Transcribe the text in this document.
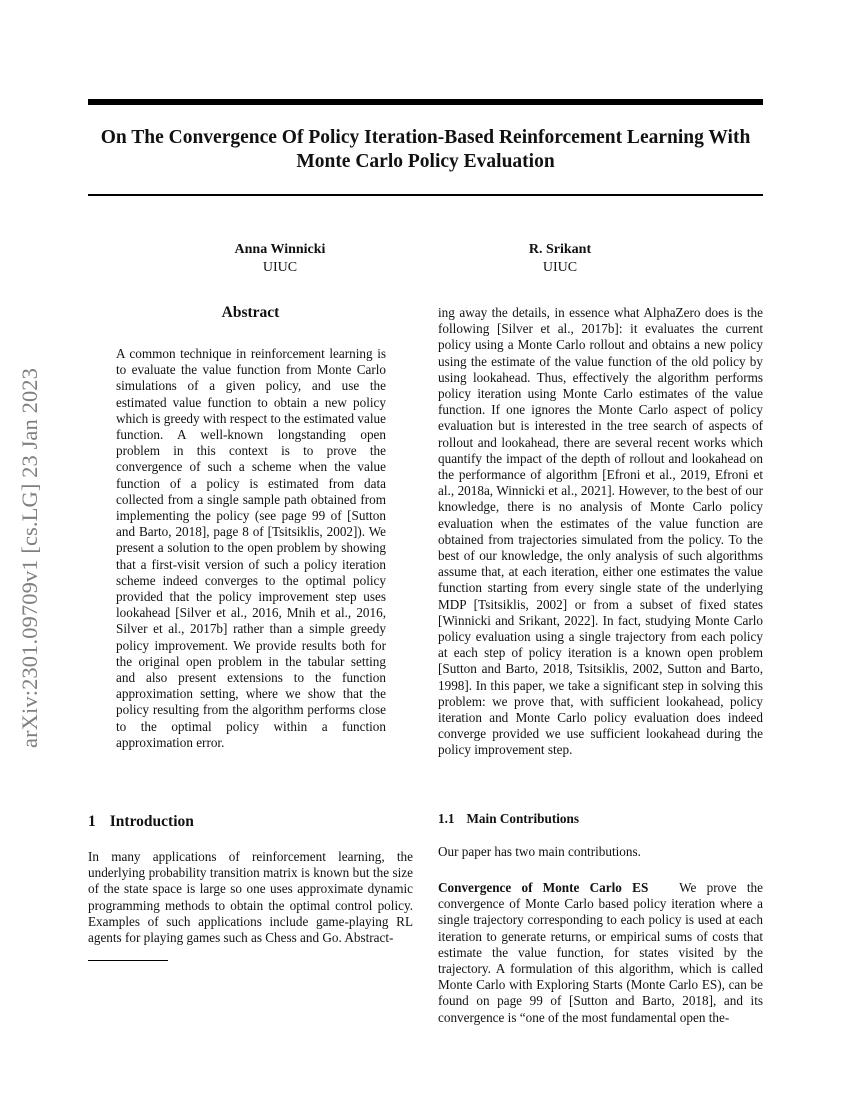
On The Convergence Of Policy Iteration-Based Reinforcement Learning With Monte Carlo Policy Evaluation
Anna Winnicki
UIUC
R. Srikant
UIUC
arXiv:2301.09709v1 [cs.LG] 23 Jan 2023
Abstract
A common technique in reinforcement learning is to evaluate the value function from Monte Carlo simulations of a given policy, and use the estimated value function to obtain a new policy which is greedy with respect to the estimated value function. A well-known longstanding open problem in this context is to prove the convergence of such a scheme when the value function of a policy is estimated from data collected from a single sample path obtained from implementing the policy (see page 99 of [Sutton and Barto, 2018], page 8 of [Tsitsiklis, 2002]). We present a solution to the open problem by showing that a first-visit version of such a policy iteration scheme indeed converges to the optimal policy provided that the policy improvement step uses lookahead [Silver et al., 2016, Mnih et al., 2016, Silver et al., 2017b] rather than a simple greedy policy improvement. We provide results both for the original open problem in the tabular setting and also present extensions to the function approximation setting, where we show that the policy resulting from the algorithm performs close to the optimal policy within a function approximation error.
1 Introduction
In many applications of reinforcement learning, the underlying probability transition matrix is known but the size of the state space is large so one uses approximate dynamic programming methods to obtain the optimal control policy. Examples of such applications include game-playing RL agents for playing games such as Chess and Go. Abstract-
ing away the details, in essence what AlphaZero does is the following [Silver et al., 2017b]: it evaluates the current policy using a Monte Carlo rollout and obtains a new policy using the estimate of the value function of the old policy by using lookahead. Thus, effectively the algorithm performs policy iteration using Monte Carlo estimates of the value function. If one ignores the Monte Carlo aspect of policy evaluation but is interested in the tree search of aspects of rollout and lookahead, there are several recent works which quantify the impact of the depth of rollout and lookahead on the performance of algorithm [Efroni et al., 2019, Efroni et al., 2018a, Winnicki et al., 2021]. However, to the best of our knowledge, there is no analysis of Monte Carlo policy evaluation when the estimates of the value function are obtained from trajectories simulated from the policy. To the best of our knowledge, the only analysis of such algorithms assume that, at each iteration, either one estimates the value function starting from every single state of the underlying MDP [Tsitsiklis, 2002] or from a subset of fixed states [Winnicki and Srikant, 2022]. In fact, studying Monte Carlo policy evaluation using a single trajectory from each policy at each step of policy iteration is a known open problem [Sutton and Barto, 2018, Tsitsiklis, 2002, Sutton and Barto, 1998]. In this paper, we take a significant step in solving this problem: we prove that, with sufficient lookahead, policy iteration and Monte Carlo policy evaluation does indeed converge provided we use sufficient lookahead during the policy improvement step.
1.1 Main Contributions
Our paper has two main contributions.
Convergence of Monte Carlo ES We prove the convergence of Monte Carlo based policy iteration where a single trajectory corresponding to each policy is used at each iteration to generate returns, or empirical sums of costs that estimate the value function, for states visited by the trajectory. A formulation of this algorithm, which is called Monte Carlo with Exploring Starts (Monte Carlo ES), can be found on page 99 of [Sutton and Barto, 2018], and its convergence is “one of the most fundamental open the-
